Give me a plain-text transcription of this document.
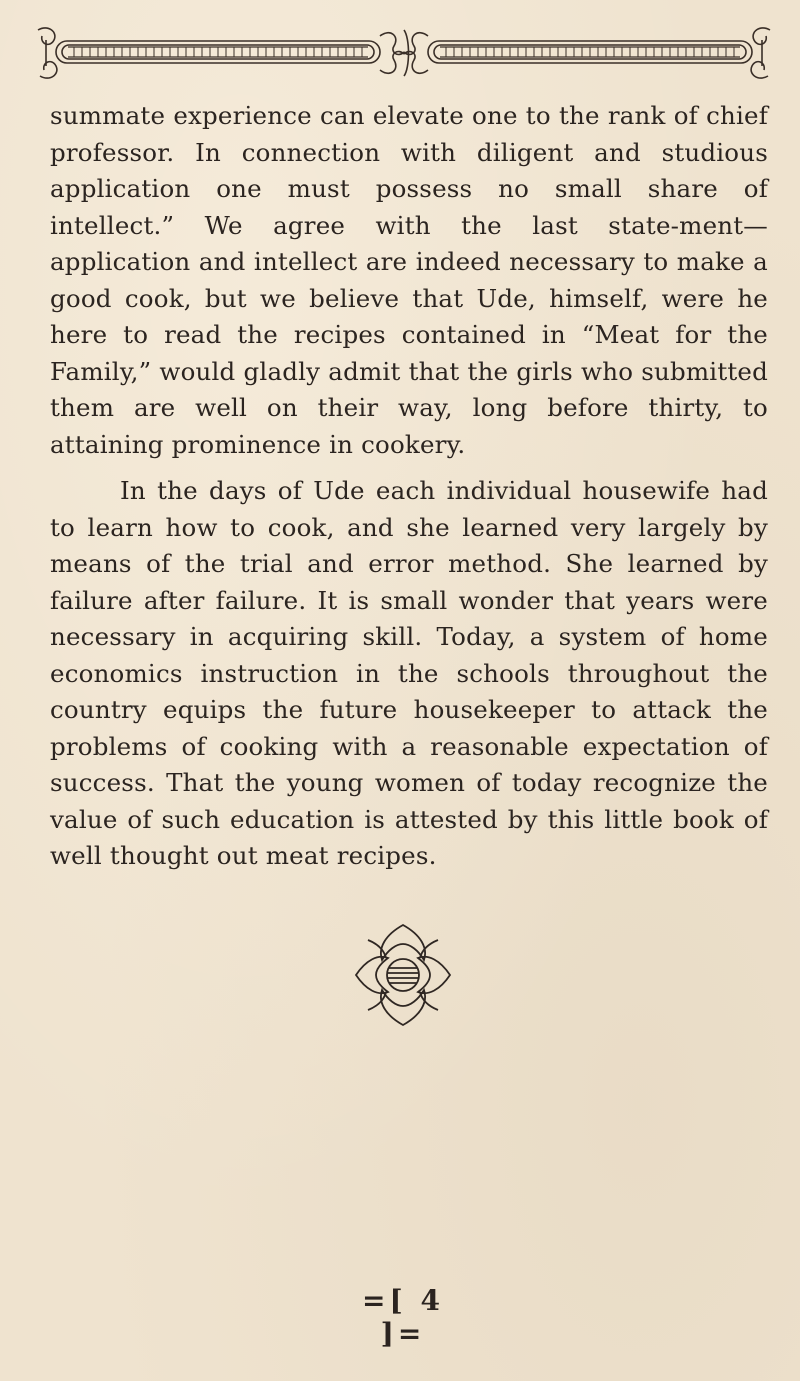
summate experience can elevate one to the rank of chief professor. In connection with diligent and studious application one must possess no small share of intellect.” We agree with the last state-ment—application and intellect are indeed necessary to make a good cook, but we believe that Ude, himself, were he here to read the recipes contained in “Meat for the Family,” would gladly admit that the girls who submitted them are well on their way, long before thirty, to attaining prominence in cookery.

In the days of Ude each individual housewife had to learn how to cook, and she learned very largely by means of the trial and error method. She learned by failure after failure. It is small wonder that years were necessary in acquiring skill. Today, a system of home economics instruction in the schools throughout the country equips the future housekeeper to attack the problems of cooking with a reasonable expectation of success. That the young women of today recognize the value of such education is attested by this little book of well thought out meat recipes.

=[ 4 ]=
